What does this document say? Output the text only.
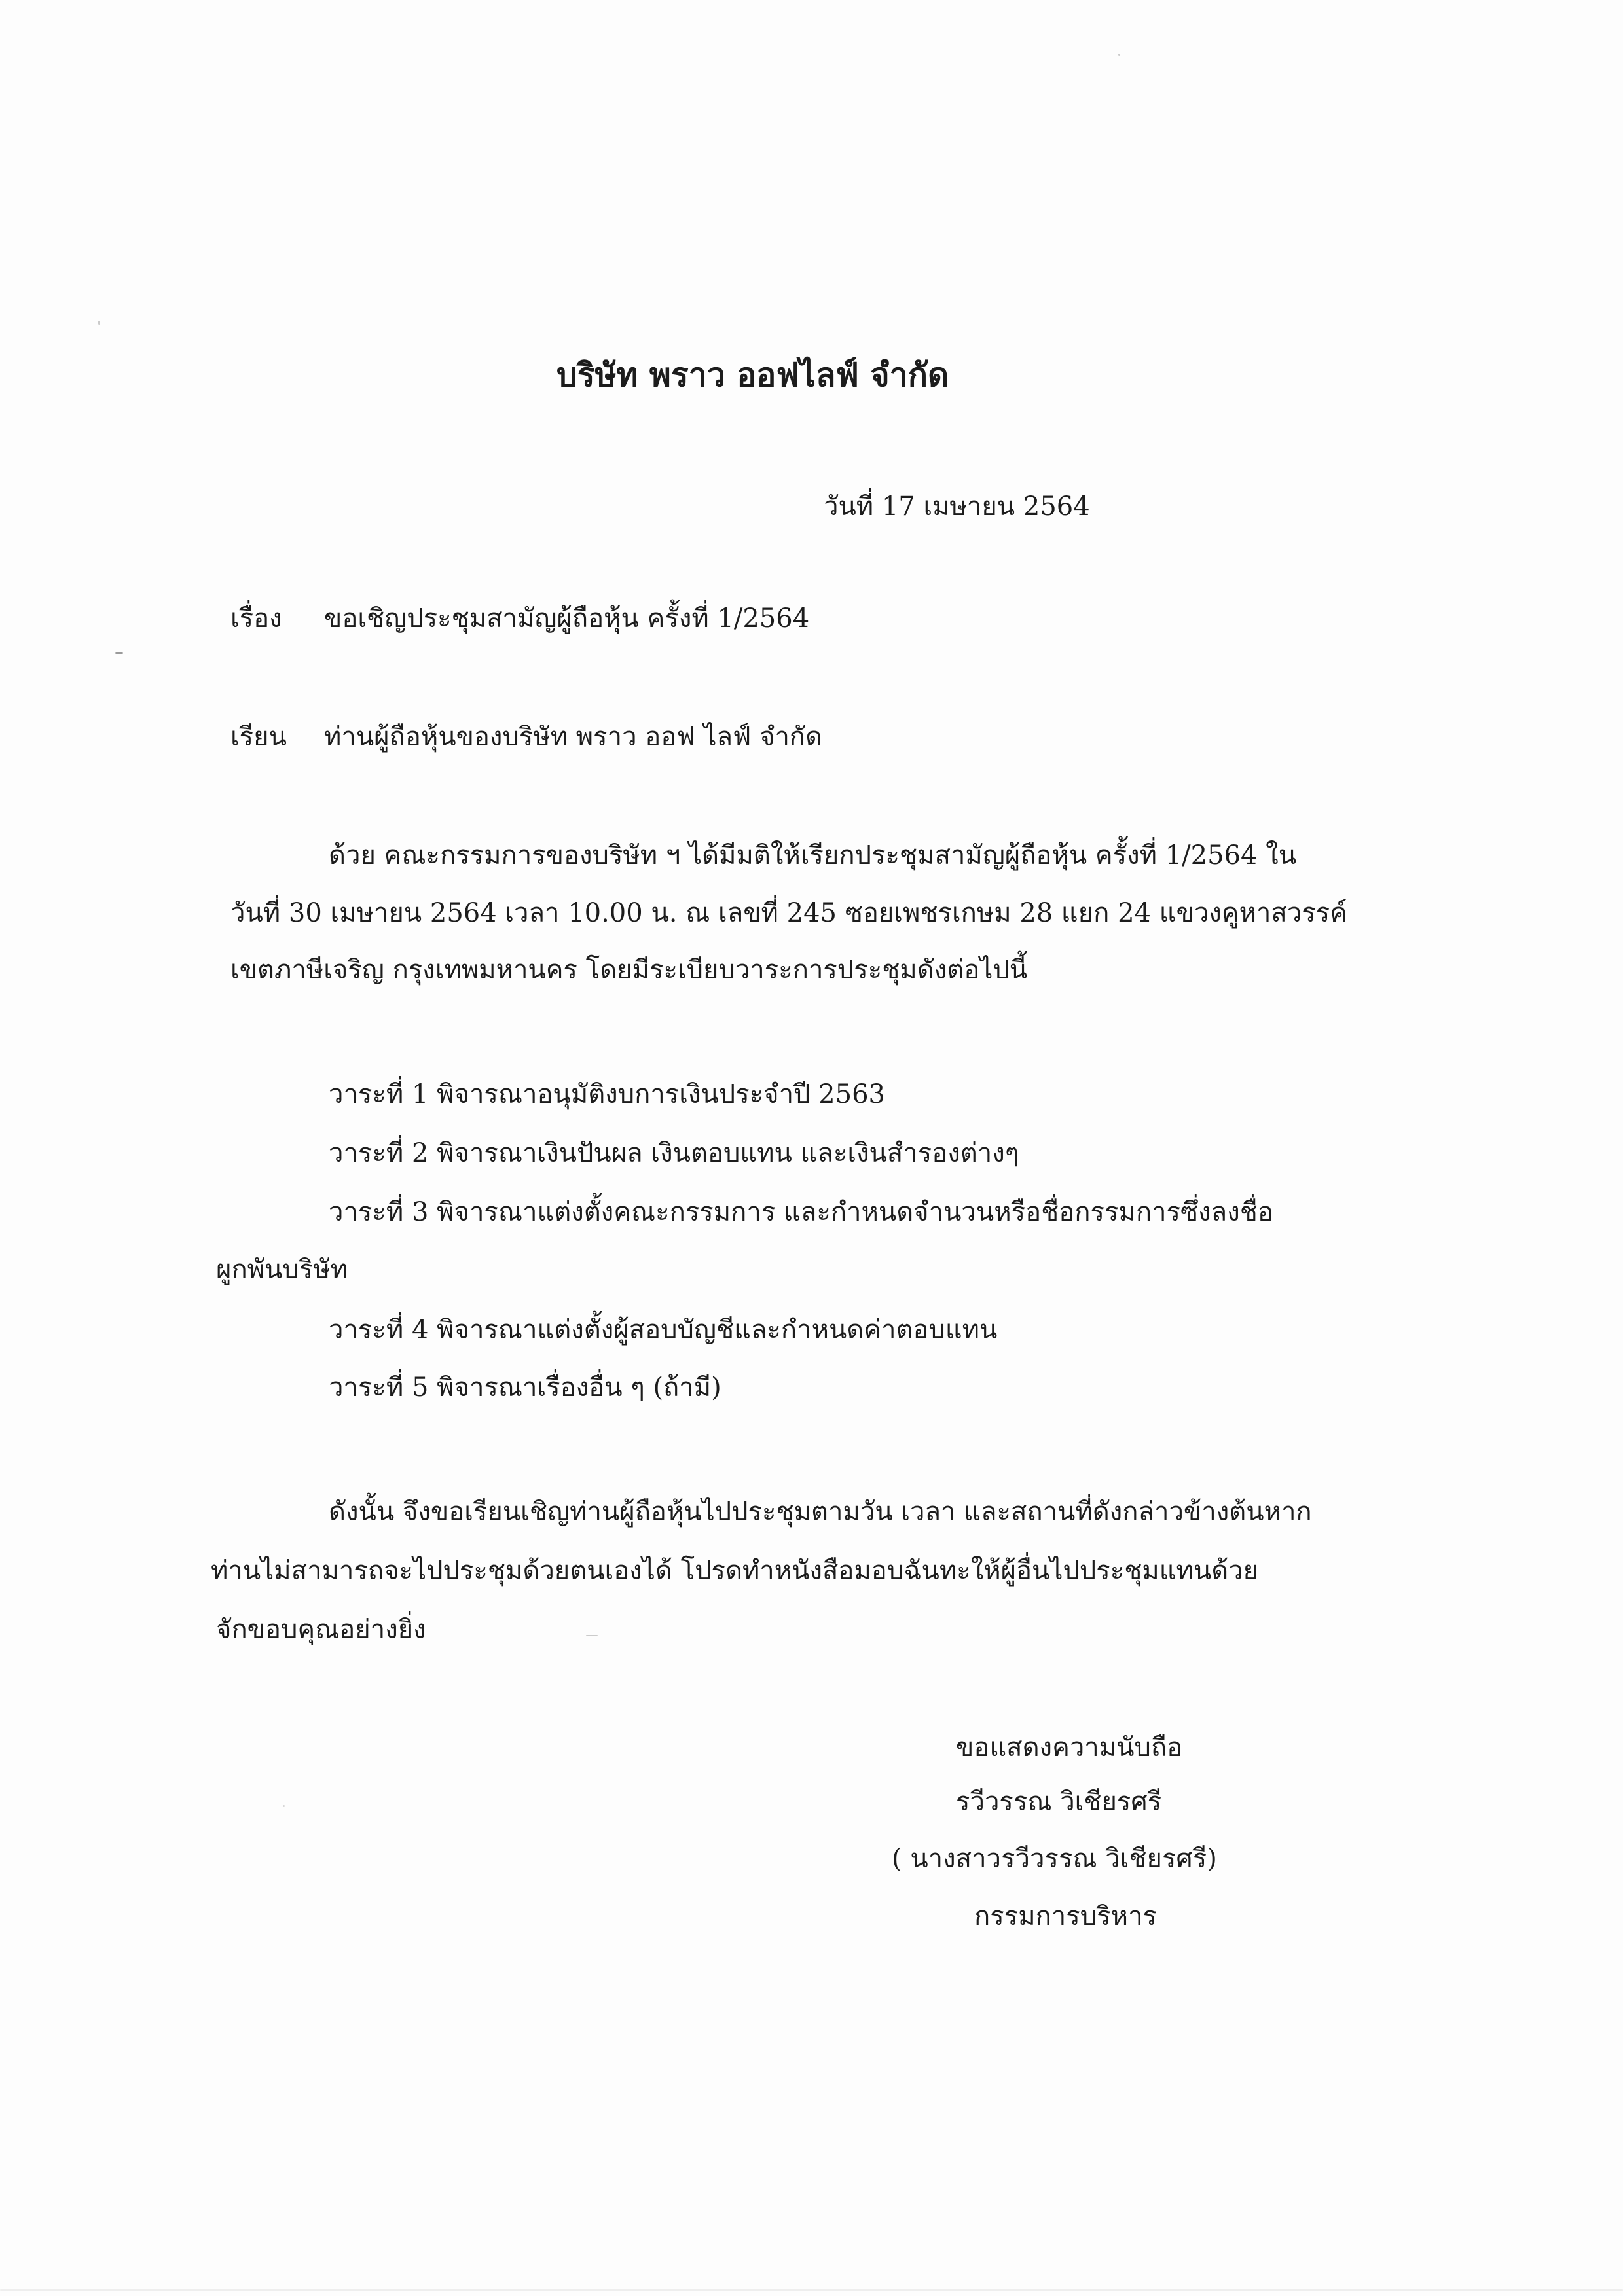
บริษัท พราว ออฟไลฟ์ จำกัด
วันที่ 17 เมษายน 2564
เรื่อง ขอเชิญประชุมสามัญผู้ถือหุ้น ครั้งที่ 1/2564
เรียน ท่านผู้ถือหุ้นของบริษัท พราว ออฟ ไลฟ์ จำกัด
ด้วย คณะกรรมการของบริษัท ฯ ได้มีมติให้เรียกประชุมสามัญผู้ถือหุ้น ครั้งที่ 1/2564 ใน
วันที่ 30 เมษายน 2564 เวลา 10.00 น. ณ เลขที่ 245 ซอยเพชรเกษม 28 แยก 24 แขวงคูหาสวรรค์
เขตภาษีเจริญ กรุงเทพมหานคร โดยมีระเบียบวาระการประชุมดังต่อไปนี้
วาระที่ 1 พิจารณาอนุมัติงบการเงินประจำปี 2563
วาระที่ 2 พิจารณาเงินปันผล เงินตอบแทน และเงินสำรองต่างๆ
วาระที่ 3 พิจารณาแต่งตั้งคณะกรรมการ และกำหนดจำนวนหรือชื่อกรรมการซึ่งลงชื่อ
ผูกพันบริษัท
วาระที่ 4 พิจารณาแต่งตั้งผู้สอบบัญชีและกำหนดค่าตอบแทน
วาระที่ 5 พิจารณาเรื่องอื่น ๆ (ถ้ามี)
ดังนั้น จึงขอเรียนเชิญท่านผู้ถือหุ้นไปประชุมตามวัน เวลา และสถานที่ดังกล่าวข้างต้นหาก
ท่านไม่สามารถจะไปประชุมด้วยตนเองได้ โปรดทำหนังสือมอบฉันทะให้ผู้อื่นไปประชุมแทนด้วย
จักขอบคุณอย่างยิ่ง
ขอแสดงความนับถือ
รวีวรรณ วิเชียรศรี
( นางสาวรวีวรรณ วิเชียรศรี)
กรรมการบริหาร
